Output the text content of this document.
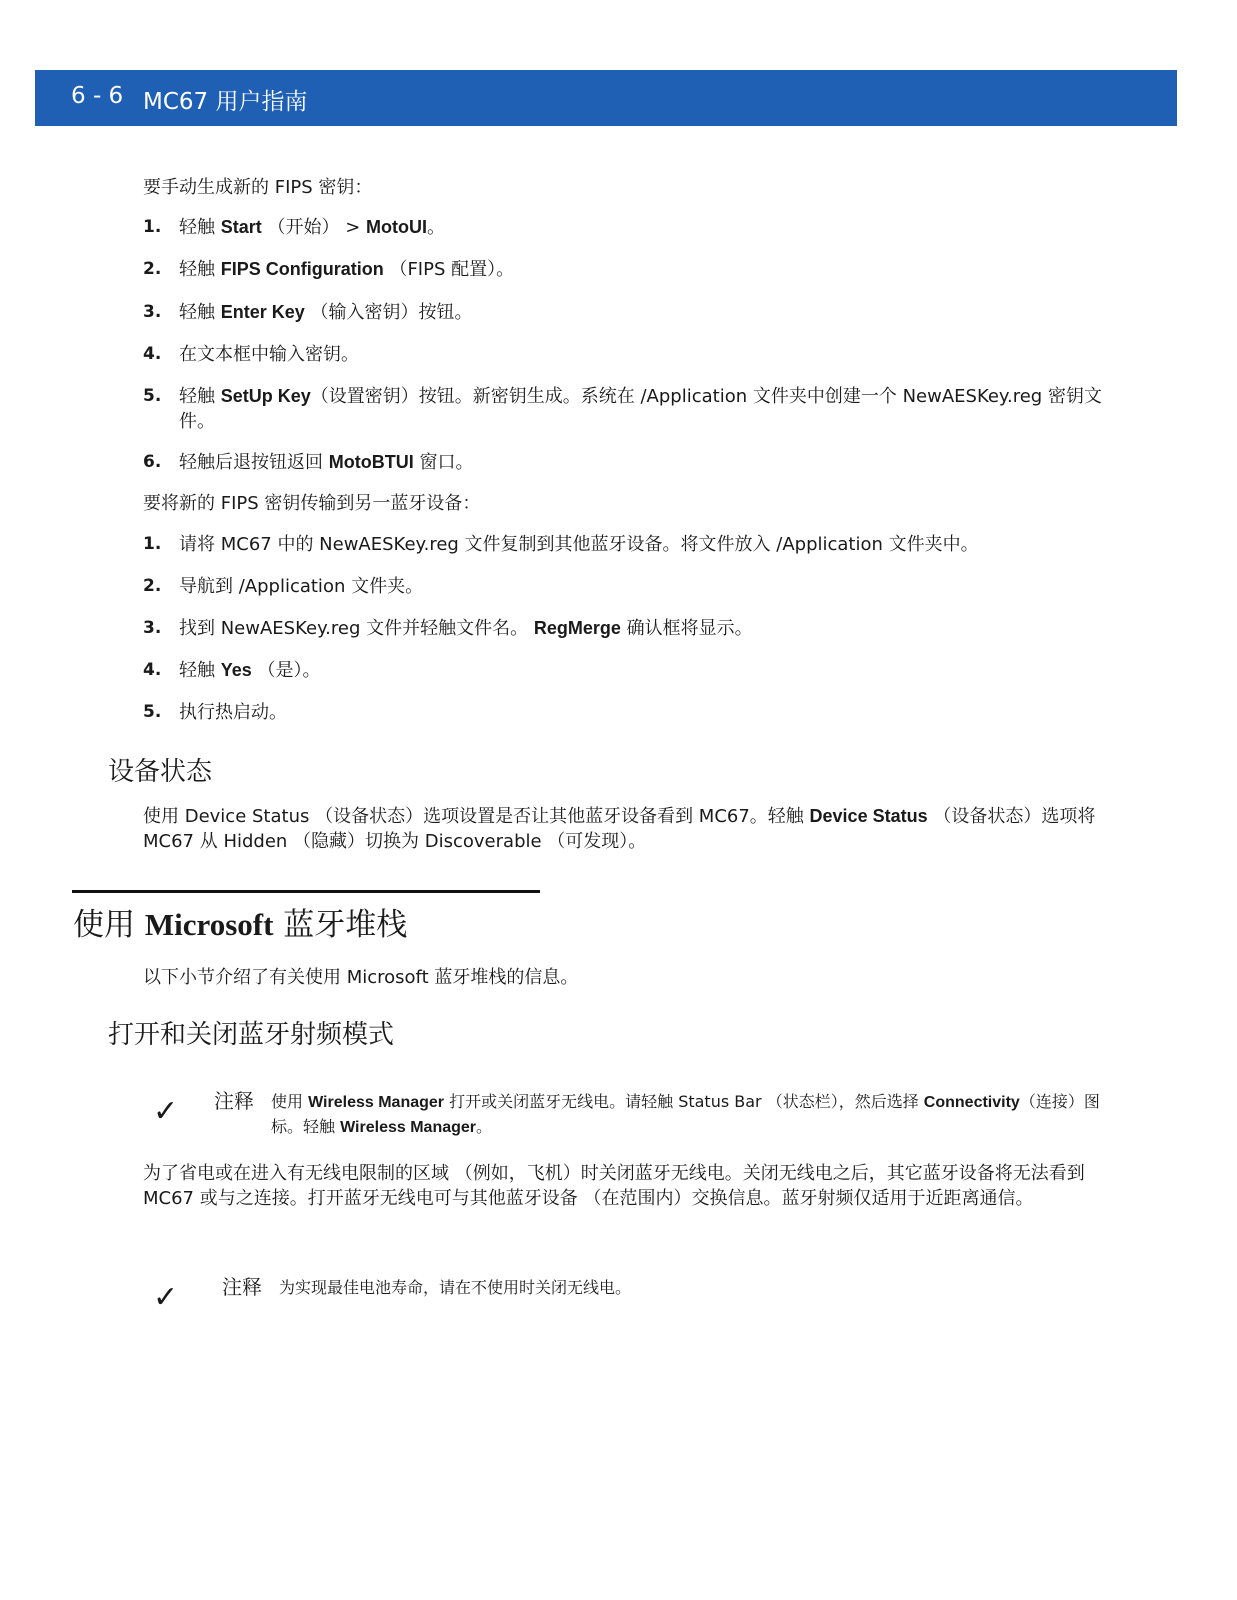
6 - 6 MC67 用户指南
要手动生成新的 FIPS 密钥：
1. 轻触 Start （开始） > MotoUI。
2. 轻触 FIPS Configuration （FIPS 配置）。
3. 轻触 Enter Key （输入密钥）按钮。
4. 在文本框中输入密钥。
5. 轻触 SetUp Key（设置密钥）按钮。新密钥生成。系统在 /Application 文件夹中创建一个 NewAESKey.reg 密钥文件。
6. 轻触后退按钮返回 MotoBTUI 窗口。
要将新的 FIPS 密钥传输到另一蓝牙设备：
1. 请将 MC67 中的 NewAESKey.reg 文件复制到其他蓝牙设备。将文件放入 /Application 文件夹中。
2. 导航到 /Application 文件夹。
3. 找到 NewAESKey.reg 文件并轻触文件名。 RegMerge 确认框将显示。
4. 轻触 Yes （是）。
5. 执行热启动。
设备状态
使用 Device Status （设备状态）选项设置是否让其他蓝牙设备看到 MC67。轻触 Device Status （设备状态）选项将 MC67 从 Hidden （隐藏）切换为 Discoverable （可发现）。
使用 Microsoft 蓝牙堆栈
以下小节介绍了有关使用 Microsoft 蓝牙堆栈的信息。
打开和关闭蓝牙射频模式
✓ 注释 使用 Wireless Manager 打开或关闭蓝牙无线电。请轻触 Status Bar （状态栏），然后选择 Connectivity（连接）图标。轻触 Wireless Manager。
为了省电或在进入有无线电限制的区域 （例如，飞机）时关闭蓝牙无线电。关闭无线电之后，其它蓝牙设备将无法看到 MC67 或与之连接。打开蓝牙无线电可与其他蓝牙设备 （在范围内）交换信息。蓝牙射频仅适用于近距离通信。
✓ 注释 为实现最佳电池寿命，请在不使用时关闭无线电。
